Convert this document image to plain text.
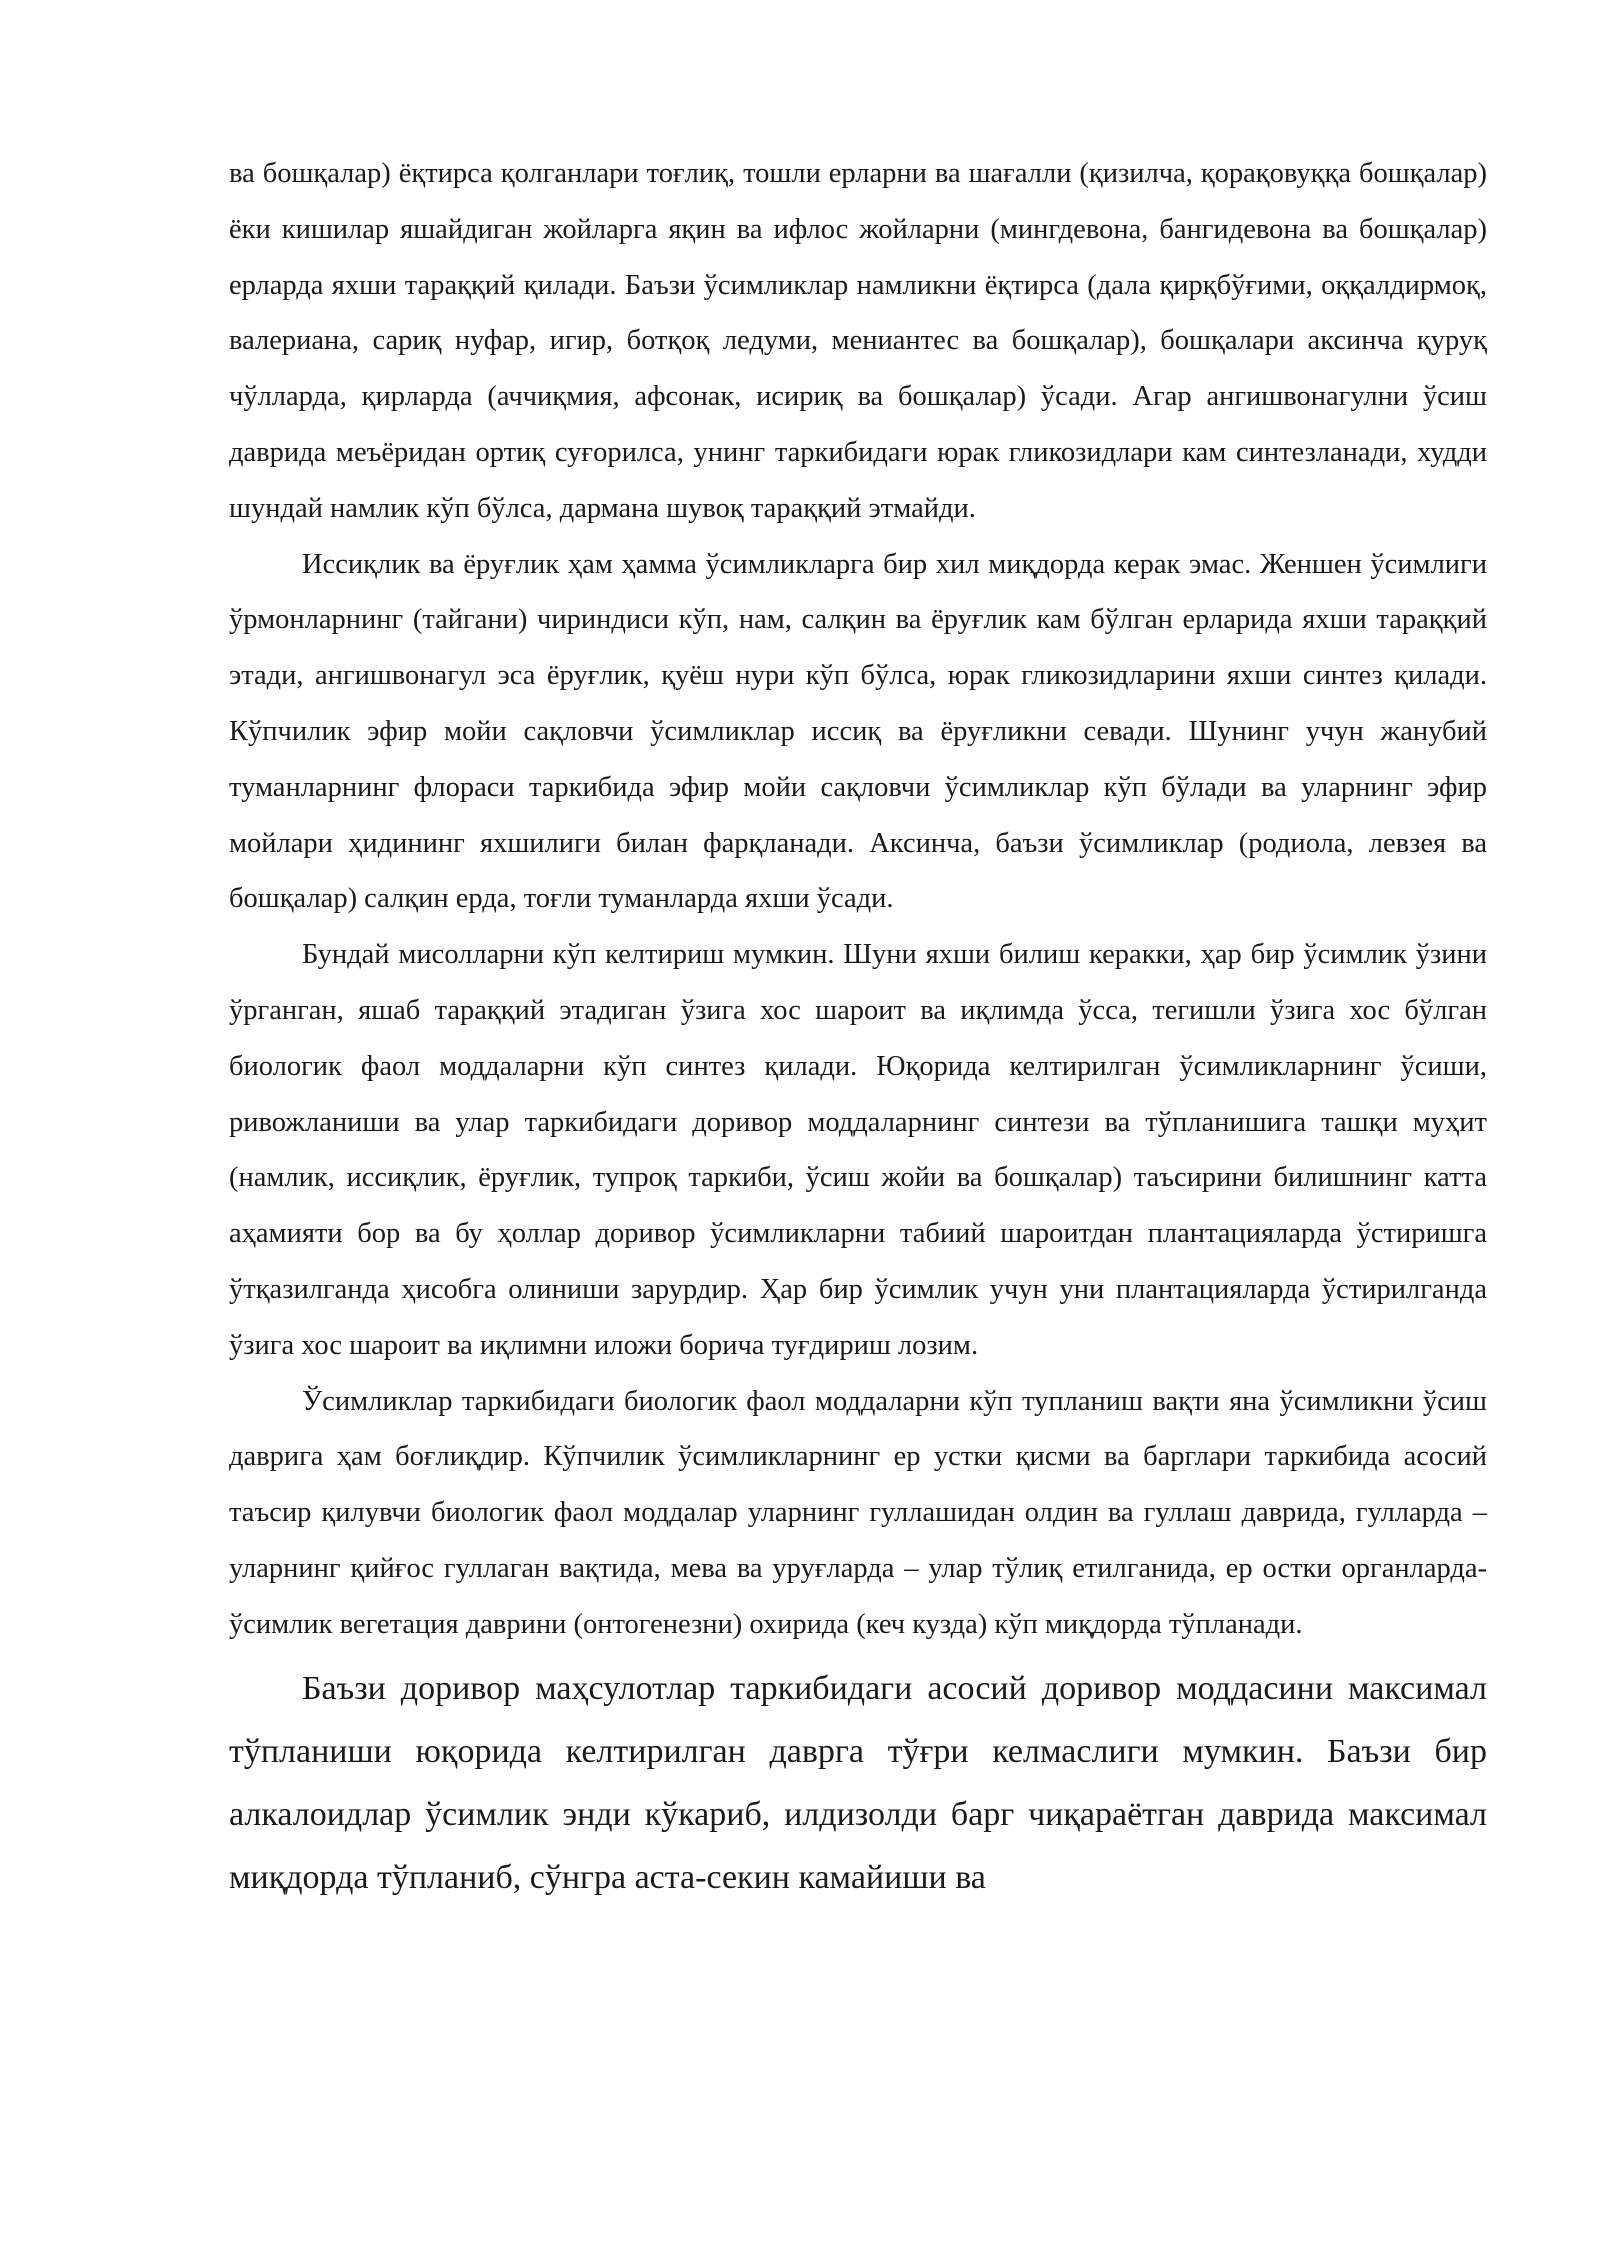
ва бошқалар) ёқтирса қолганлари тоғлиқ, тошли ерларни ва шағалли (қизилча, қорақовуққа бошқалар) ёки кишилар яшайдиган жойларга яқин ва ифлос жойларни (мингдевона, бангидевона ва бошқалар) ерларда яхши тараққий қилади. Баъзи ўсимликлар намликни ёқтирса (дала қирқбўғими, оққалдирмоқ, валериана, сариқ нуфар, игир, ботқоқ ледуми, мениантес ва бошқалар), бошқалари аксинча қуруқ чўлларда, қирларда (аччиқмия, афсонак, исириқ ва бошқалар) ўсади. Агар ангишвонагулни ўсиш даврида меъёридан ортиқ суғорилса, унинг таркибидаги юрак гликозидлари кам синтезланади, худди шундай намлик кўп бўлса, дармана шувоқ тараққий этмайди.

Иссиқлик ва ёруғлик ҳам ҳамма ўсимликларга бир хил миқдорда керак эмас. Женшен ўсимлиги ўрмонларнинг (тайгани) чириндиси кўп, нам, салқин ва ёруғлик кам бўлган ерларида яхши тараққий этади, ангишвонагул эса ёруғлик, қуёш нури кўп бўлса, юрак гликозидларини яхши синтез қилади. Кўпчилик эфир мойи сақловчи ўсимликлар иссиқ ва ёруғликни севади. Шунинг учун жанубий туманларнинг флораси таркибида эфир мойи сақловчи ўсимликлар кўп бўлади ва уларнинг эфир мойлари ҳидининг яхшилиги билан фарқланади. Аксинча, баъзи ўсимликлар (родиола, левзея ва бошқалар) салқин ерда, тоғли туманларда яхши ўсади.

Бундай мисолларни кўп келтириш мумкин. Шуни яхши билиш керакки, ҳар бир ўсимлик ўзини ўрганган, яшаб тараққий этадиган ўзига хос шароит ва иқлимда ўсса, тегишли ўзига хос бўлган биологик фаол моддаларни кўп синтез қилади. Юқорида келтирилган ўсимликларнинг ўсиши, ривожланиши ва улар таркибидаги доривор моддаларнинг синтези ва тўпланишига ташқи муҳит (намлик, иссиқлик, ёруғлик, тупроқ таркиби, ўсиш жойи ва бошқалар) таъсирини билишнинг катта аҳамияти бор ва бу ҳоллар доривор ўсимликларни табиий шароитдан плантацияларда ўстиришга ўтқазилганда ҳисобга олиниши зарурдир. Ҳар бир ўсимлик учун уни плантацияларда ўстирилганда ўзига хос шароит ва иқлимни иложи борича туғдириш лозим.

Ўсимликлар таркибидаги биологик фаол моддаларни кўп тупланиш вақти яна ўсимликни ўсиш даврига ҳам боғлиқдир. Кўпчилик ўсимликларнинг ер устки қисми ва барглари таркибида асосий таъсир қилувчи биологик фаол моддалар уларнинг гуллашидан олдин ва гуллаш даврида, гулларда – уларнинг қийғос гуллаган вақтида, мева ва уруғларда – улар тўлиқ етилганида, ер остки органларда- ўсимлик вегетация даврини (онтогенезни) охирида (кеч кузда) кўп миқдорда тўпланади.

Баъзи доривор маҳсулотлар таркибидаги асосий доривор моддасини максимал тўпланиши юқорида келтирилган даврга тўғри келмаслиги мумкин. Баъзи бир алкалоидлар ўсимлик энди кўкариб, илдизолди барг чиқараётган даврида максимал миқдорда тўпланиб, сўнгра аста-секин камайиши ва
